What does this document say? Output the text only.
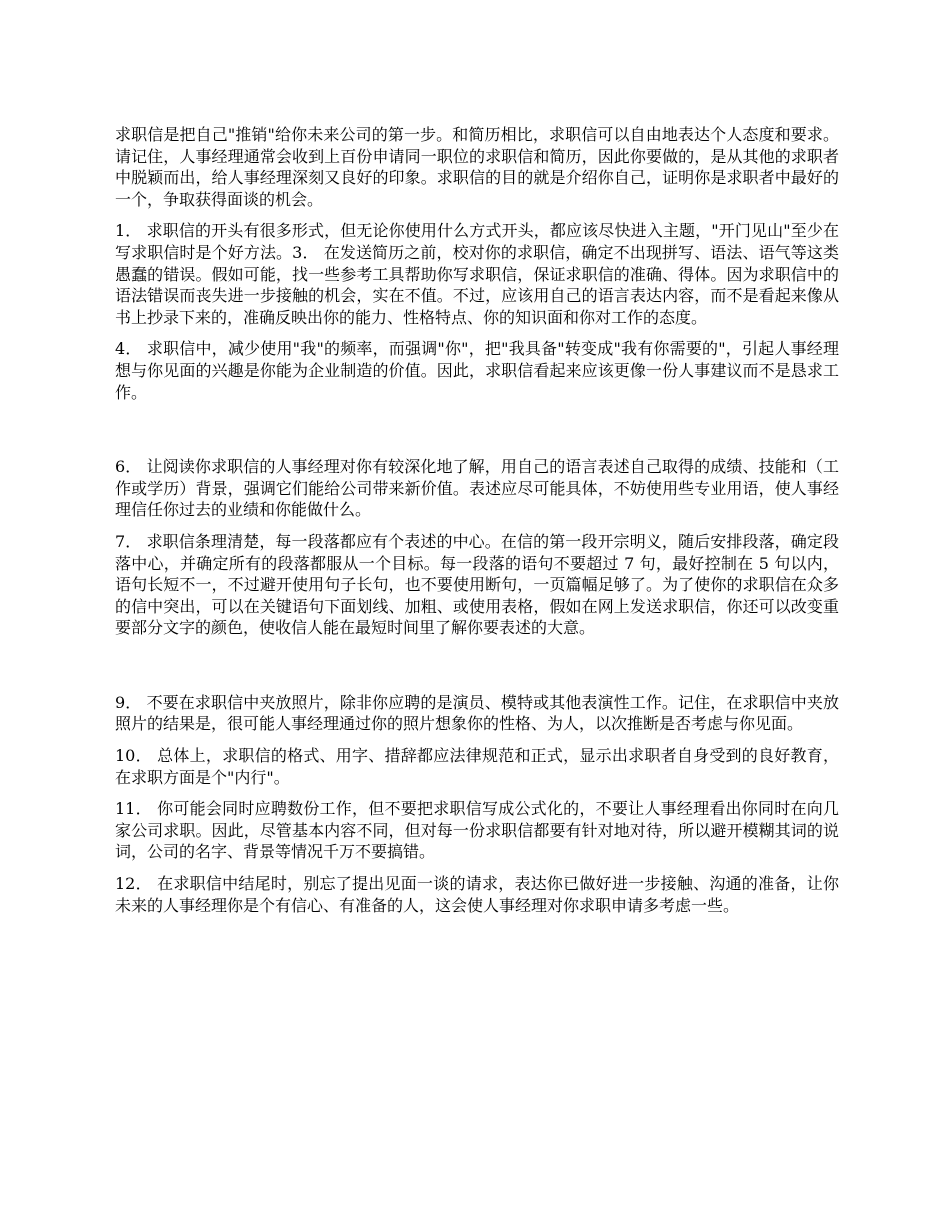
求职信是把自己"推销"给你未来公司的第一步。和简历相比，求职信可以自由地表达个人态度和要求。请记住，人事经理通常会收到上百份申请同一职位的求职信和简历，因此你要做的，是从其他的求职者中脱颖而出，给人事经理深刻又良好的印象。求职信的目的就是介绍你自己，证明你是求职者中最好的一个，争取获得面谈的机会。

1． 求职信的开头有很多形式，但无论你使用什么方式开头，都应该尽快进入主题，"开门见山"至少在写求职信时是个好方法。3． 在发送简历之前，校对你的求职信，确定不出现拼写、语法、语气等这类愚蠢的错误。假如可能，找一些参考工具帮助你写求职信，保证求职信的准确、得体。因为求职信中的语法错误而丧失进一步接触的机会，实在不值。不过，应该用自己的语言表达内容，而不是看起来像从书上抄录下来的，准确反映出你的能力、性格特点、你的知识面和你对工作的态度。

4． 求职信中，减少使用"我"的频率，而强调"你"，把"我具备"转变成"我有你需要的"，引起人事经理想与你见面的兴趣是你能为企业制造的价值。因此，求职信看起来应该更像一份人事建议而不是恳求工作。

6． 让阅读你求职信的人事经理对你有较深化地了解，用自己的语言表述自己取得的成绩、技能和（工作或学历）背景，强调它们能给公司带来新价值。表述应尽可能具体，不妨使用些专业用语，使人事经理信任你过去的业绩和你能做什么。

7． 求职信条理清楚，每一段落都应有个表述的中心。在信的第一段开宗明义，随后安排段落，确定段落中心，并确定所有的段落都服从一个目标。每一段落的语句不要超过 7 句，最好控制在 5 句以内，语句长短不一，不过避开使用句子长句，也不要使用断句，一页篇幅足够了。为了使你的求职信在众多的信中突出，可以在关键语句下面划线、加粗、或使用表格，假如在网上发送求职信，你还可以改变重要部分文字的颜色，使收信人能在最短时间里了解你要表述的大意。

9． 不要在求职信中夹放照片，除非你应聘的是演员、模特或其他表演性工作。记住，在求职信中夹放照片的结果是，很可能人事经理通过你的照片想象你的性格、为人，以次推断是否考虑与你见面。

10． 总体上，求职信的格式、用字、措辞都应法律规范和正式，显示出求职者自身受到的良好教育，在求职方面是个"内行"。

11． 你可能会同时应聘数份工作，但不要把求职信写成公式化的，不要让人事经理看出你同时在向几家公司求职。因此，尽管基本内容不同，但对每一份求职信都要有针对地对待，所以避开模糊其词的说词，公司的名字、背景等情况千万不要搞错。

12． 在求职信中结尾时，别忘了提出见面一谈的请求，表达你已做好进一步接触、沟通的准备，让你未来的人事经理你是个有信心、有准备的人，这会使人事经理对你求职申请多考虑一些。
